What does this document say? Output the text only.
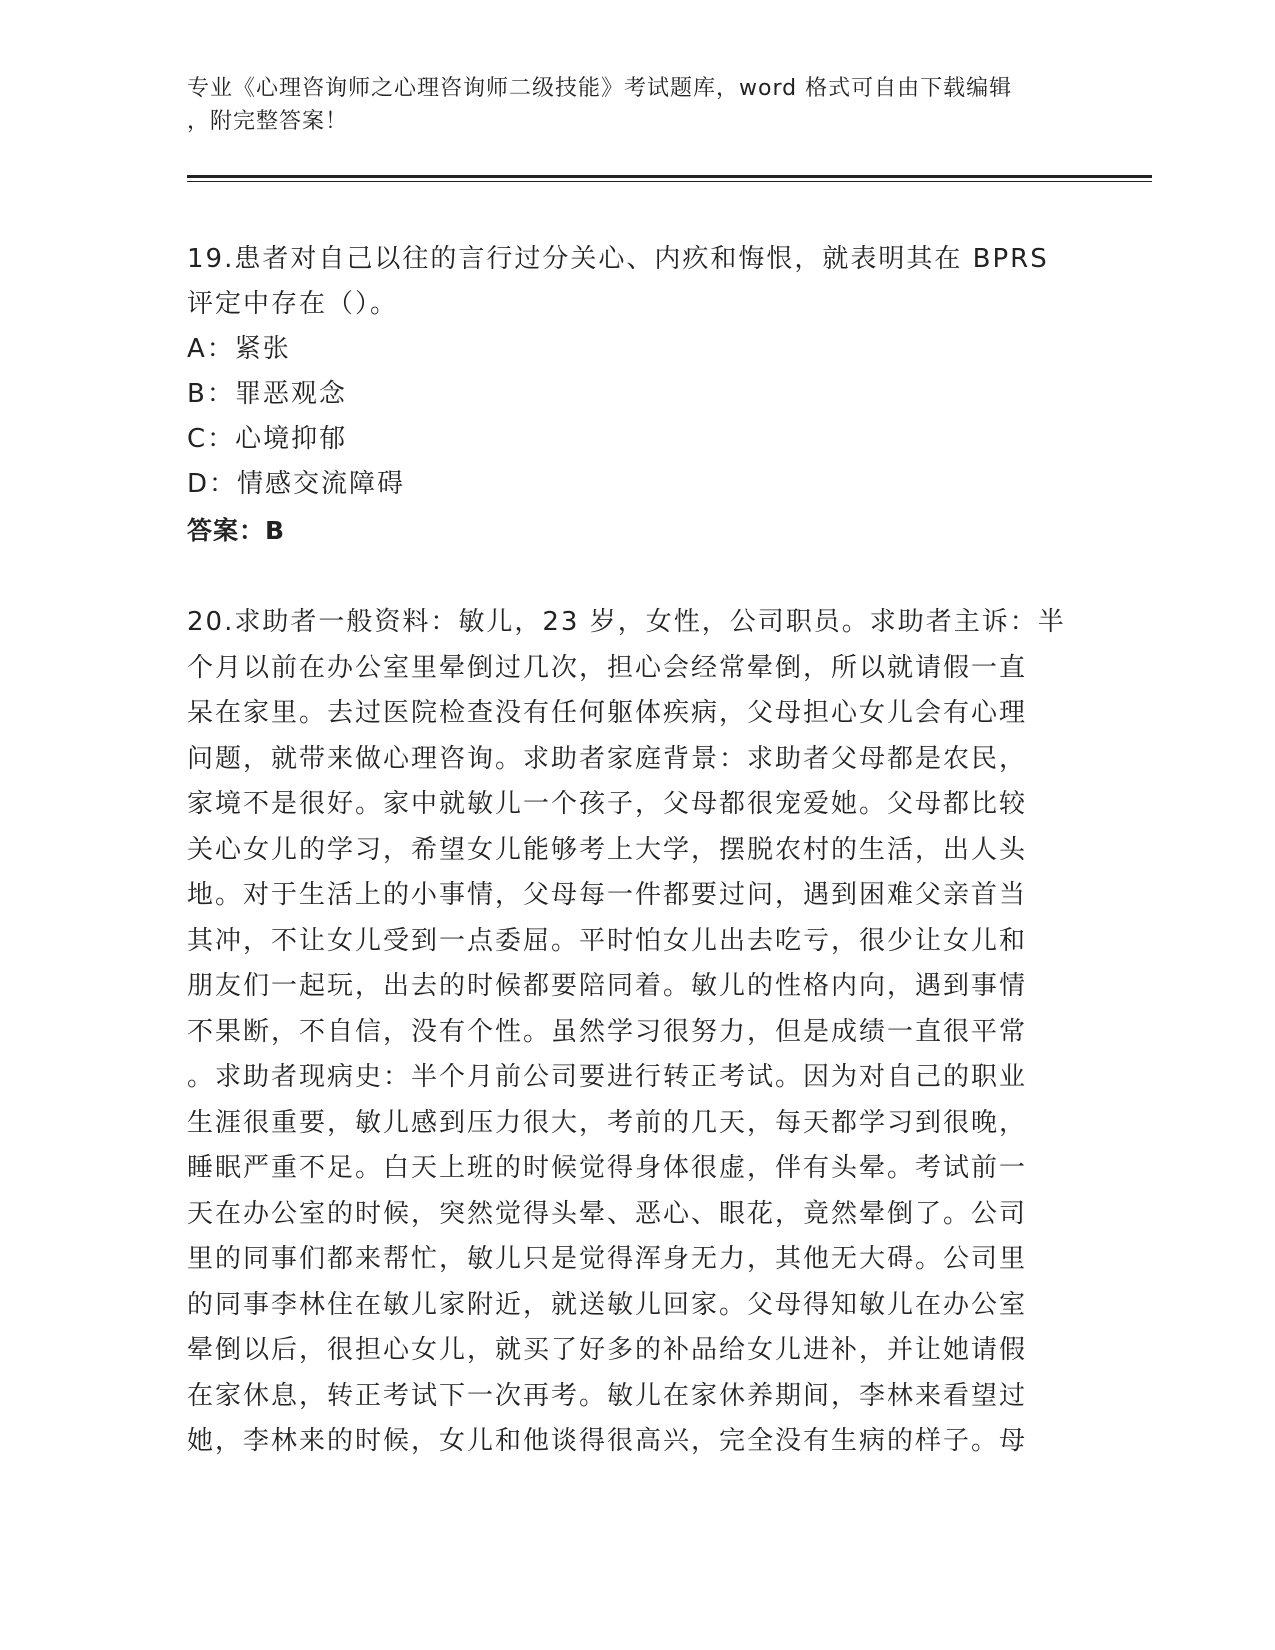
专业《心理咨询师之心理咨询师二级技能》考试题库，word 格式可自由下载编辑
，附完整答案！
19.患者对自己以往的言行过分关心、内疚和悔恨，就表明其在 BPRS
评定中存在（）。
A：紧张
B：罪恶观念
C：心境抑郁
D：情感交流障碍
答案：B
20.求助者一般资料：敏儿，23 岁，女性，公司职员。求助者主诉：半
个月以前在办公室里晕倒过几次，担心会经常晕倒，所以就请假一直
呆在家里。去过医院检查没有任何躯体疾病，父母担心女儿会有心理
问题，就带来做心理咨询。求助者家庭背景：求助者父母都是农民，
家境不是很好。家中就敏儿一个孩子，父母都很宠爱她。父母都比较
关心女儿的学习，希望女儿能够考上大学，摆脱农村的生活，出人头
地。对于生活上的小事情，父母每一件都要过问，遇到困难父亲首当
其冲，不让女儿受到一点委屈。平时怕女儿出去吃亏，很少让女儿和
朋友们一起玩，出去的时候都要陪同着。敏儿的性格内向，遇到事情
不果断，不自信，没有个性。虽然学习很努力，但是成绩一直很平常
。求助者现病史：半个月前公司要进行转正考试。因为对自己的职业
生涯很重要，敏儿感到压力很大，考前的几天，每天都学习到很晚，
睡眠严重不足。白天上班的时候觉得身体很虚，伴有头晕。考试前一
天在办公室的时候，突然觉得头晕、恶心、眼花，竟然晕倒了。公司
里的同事们都来帮忙，敏儿只是觉得浑身无力，其他无大碍。公司里
的同事李林住在敏儿家附近，就送敏儿回家。父母得知敏儿在办公室
晕倒以后，很担心女儿，就买了好多的补品给女儿进补，并让她请假
在家休息，转正考试下一次再考。敏儿在家休养期间，李林来看望过
她，李林来的时候，女儿和他谈得很高兴，完全没有生病的样子。母
